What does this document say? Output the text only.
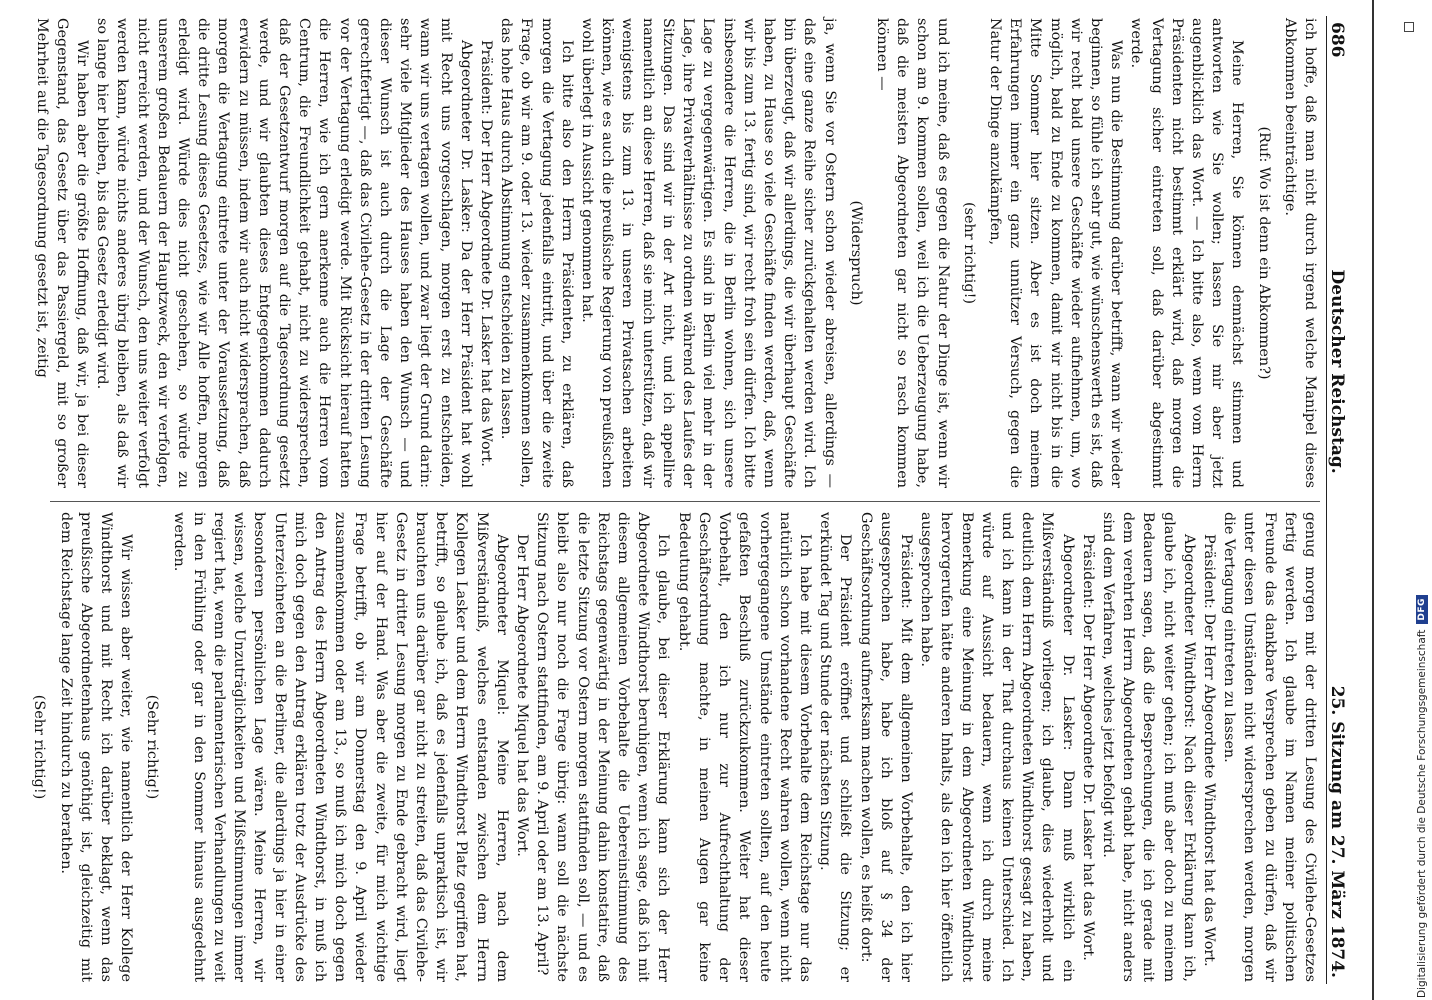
686
Deutscher Reichstag.
25. Sitzung am 27. März 1874.

ich hoffe, daß man nicht durch irgend welche Manipel dieses Abkommen beeinträchtige.

(Ruf: Wo ist denn ein Abkommen?)

Meine Herren, Sie können demnächst stimmen und antworten wie Sie wollen; lassen Sie mir aber jetzt augenblicklich das Wort. — Ich bitte also, wenn vom Herrn Präsidenten nicht bestimmt erklärt wird, daß morgen die Vertagung sicher eintreten soll, daß darüber abgestimmt werde.

Was nun die Bestimmung darüber betrifft, wann wir wieder beginnen, so fühle ich sehr gut, wie wünschenswerth es ist, daß wir recht bald unsere Geschäfte wieder aufnehmen, um, wo möglich, bald zu Ende zu kommen, damit wir nicht bis in die Mitte Sommer hier sitzen. Aber es ist doch meinem Erfahrungen immer ein ganz unnützer Versuch, gegen die Natur der Dinge anzukämpfen,

(sehr richtig!)

und ich meine, daß es gegen die Natur der Dinge ist, wenn wir schon am 9. kommen sollen, weil ich die Ueberzeugung habe, daß die meisten Abgeordneten gar nicht so rasch kommen können —

(Widerspruch)

ja, wenn Sie vor Ostern schon wieder abreisen, allerdings — daß eine ganze Reihe sicher zurückgehalten werden wird. Ich bin überzeugt, daß wir allerdings, die wir überhaupt Geschäfte haben, zu Hause so viele Geschäfte finden werden, daß, wenn wir bis zum 13. fertig sind, wir recht froh sein dürfen. Ich bitte insbesondere die Herren, die in Berlin wohnen, sich unsere Lage zu vergegenwärtigen. Es sind in Berlin viel mehr in der Lage, ihre Privatverhältnisse zu ordnen während des Laufes der Sitzungen. Das sind wir in der Art nicht, und ich appellire namentlich an diese Herren, daß sie mich unterstützen, daß wir wenigstens bis zum 13. in unseren Privatsachen arbeiten können, wie es auch die preußische Regierung von preußischen wohl überlegt in Aussicht genommen hat.

Ich bitte also den Herrn Präsidenten, zu erklären, daß morgen die Vertagung jedenfalls eintritt, und über die zweite Frage, ob wir am 9. oder 13. wieder zusammenkommen sollen, das hohe Haus durch Abstimmung entscheiden zu lassen.

Präsident: Der Herr Abgeordnete Dr. Lasker hat das Wort.

Abgeordneter Dr. Lasker: Da der Herr Präsident hat wohl mit Recht uns vorgeschlagen, morgen erst zu entscheiden, wann wir uns vertagen wollen, und zwar liegt der Grund darin: sehr viele Mitglieder des Hauses haben den Wunsch — und dieser Wunsch ist auch durch die Lage der Geschäfte gerechtfertigt —, daß das Civilehe-Gesetz in der dritten Lesung vor der Vertagung erledigt werde. Mit Rücksicht hierauf hatten die Herren, wie ich gern anerkenne auch die Herren vom Centrum, die Freundlichkeit gehabt, nicht zu widersprechen, daß der Gesetzentwurf morgen auf die Tagesordnung gesetzt werde, und wir glaubten dieses Entgegenkommen dadurch erwidern zu müssen, indem wir auch nicht widersprachen, daß morgen die Vertagung eintrete unter der Voraussetzung, daß die dritte Lesung dieses Gesetzes, wie wir Alle hoffen, morgen erledigt wird. Würde dies nicht geschehen, so würde zu unserem großen Bedauern der Hauptzweck, den wir verfolgen, nicht erreicht werden, und der Wunsch, den uns weiter verfolgt werden kann, würde nichts anderes übrig bleiben, als daß wir so lange hier bleiben, bis das Gesetz erledigt wird.

Wir haben aber die größte Hoffnung, daß wir, ja bei dieser Gegenstand, das Gesetz über das Passiergeld, mit so großer Mehrheit auf die Tagesordnung gesetzt ist, zeitig

genug morgen mit der dritten Lesung des Civilehe-Gesetzes fertig werden. Ich glaube im Namen meiner politischen Freunde das dankbare Versprechen geben zu dürfen, daß wir unter diesen Umständen nicht widersprechen werden, morgen die Vertagung eintreten zu lassen.

Präsident: Der Herr Abgeordnete Windthorst hat das Wort.

Abgeordneter Windthorst: Nach dieser Erklärung kann ich, glaube ich, nicht weiter gehen; ich muß aber doch zu meinem Bedauern sagen, daß die Besprechungen, die ich gerade mit dem verehrten Herrn Abgeordneten gehabt habe, nicht anders sind dem Verfahren, welches jetzt befolgt wird.

Präsident: Der Herr Abgeordnete Dr. Lasker hat das Wort.

Abgeordneter Dr. Lasker: Dann muß wirklich ein Mißverständniß vorliegen; ich glaube, dies wiederholt und deutlich dem Herrn Abgeordneten Windthorst gesagt zu haben, und ich kann in der That durchaus keinen Unterschied. Ich würde auf Aussicht bedauern, wenn ich durch meine Bemerkung eine Meinung in dem Abgeordneten Windthorst hervorgerufen hätte anderen Inhalts, als den ich hier öffentlich ausgesprochen habe.

Präsident: Mit dem allgemeinen Vorbehalte, den ich hier ausgesprochen habe, habe ich bloß auf § 34 der Geschäftsordnung aufmerksam machen wollen, es heißt dort:

Der Präsident eröffnet und schließt die Sitzung; er verkündet Tag und Stunde der nächsten Sitzung.

Ich habe mit diesem Vorbehalte dem Reichstage nur das natürlich schon vorhandene Recht wahren wollen, wenn nicht vorhergegangene Umstände eintreten sollten, auf den heute gefaßten Beschluß zurückzukommen. Weiter hat dieser Vorbehalt, den ich nur zur Aufrechthaltung der Geschäftsordnung machte, in meinen Augen gar keine Bedeutung gehabt.

Ich glaube, bei dieser Erklärung kann sich der Herr Abgeordnete Windthorst beruhigen, wenn ich sage, daß ich mit diesem allgemeinen Vorbehalte die Uebereinstimmung des Reichstags gegenwärtig in der Meinung dahin konstatire, daß die letzte Sitzung vor Ostern morgen stattfinden soll, — und es bleibt also nur noch die Frage übrig: wann soll die nächste Sitzung nach Ostern stattfinden, am 9. April oder am 13. April?

Der Herr Abgeordnete Miquel hat das Wort.

Abgeordneter Miquel: Meine Herren, nach dem Mißverständniß, welches entstanden zwischen dem Herrn Kollegen Lasker und dem Herrn Windthorst Platz gegriffen hat, betrifft, so glaube ich, daß es jedenfalls unpraktisch ist, wir brauchten uns darüber gar nicht zu streiten, daß das Civilehe-Gesetz in dritter Lesung morgen zu Ende gebracht wird, liegt hier auf der Hand. Was aber die zweite, für mich wichtige Frage betrifft, ob wir am Donnerstag den 9. April wieder zusammenkommen oder am 13., so muß ich mich doch gegen den Antrag des Herrn Abgeordneten Windthorst, in muß ich mich doch gegen den Antrag erklären trotz der Ausdrücke des Unterzeichneten an die Berliner, die allerdings ja hier in einer besonderen persönlichen Lage wären. Meine Herren, wir wissen, welche Unzuträglichkeiten und Mißstimmungen immer regiert hat, wenn die parlamentarischen Verhandlungen zu weit in den Frühling oder gar in den Sommer hinaus ausgedehnt werden.

(Sehr richtig!)

Wir wissen aber weiter, wie namentlich der Herr Kollege Windthorst und mit Recht ich darüber beklagt, wenn das preußische Abgeordnetenhaus genöthigt ist, gleichzeitig mit dem Reichstage lange Zeit hindurch zu berathen.

(Sehr richtig!)	Digitalisierung gefördert durch die Deutsche Forschungsgemeinschaft
DFG
